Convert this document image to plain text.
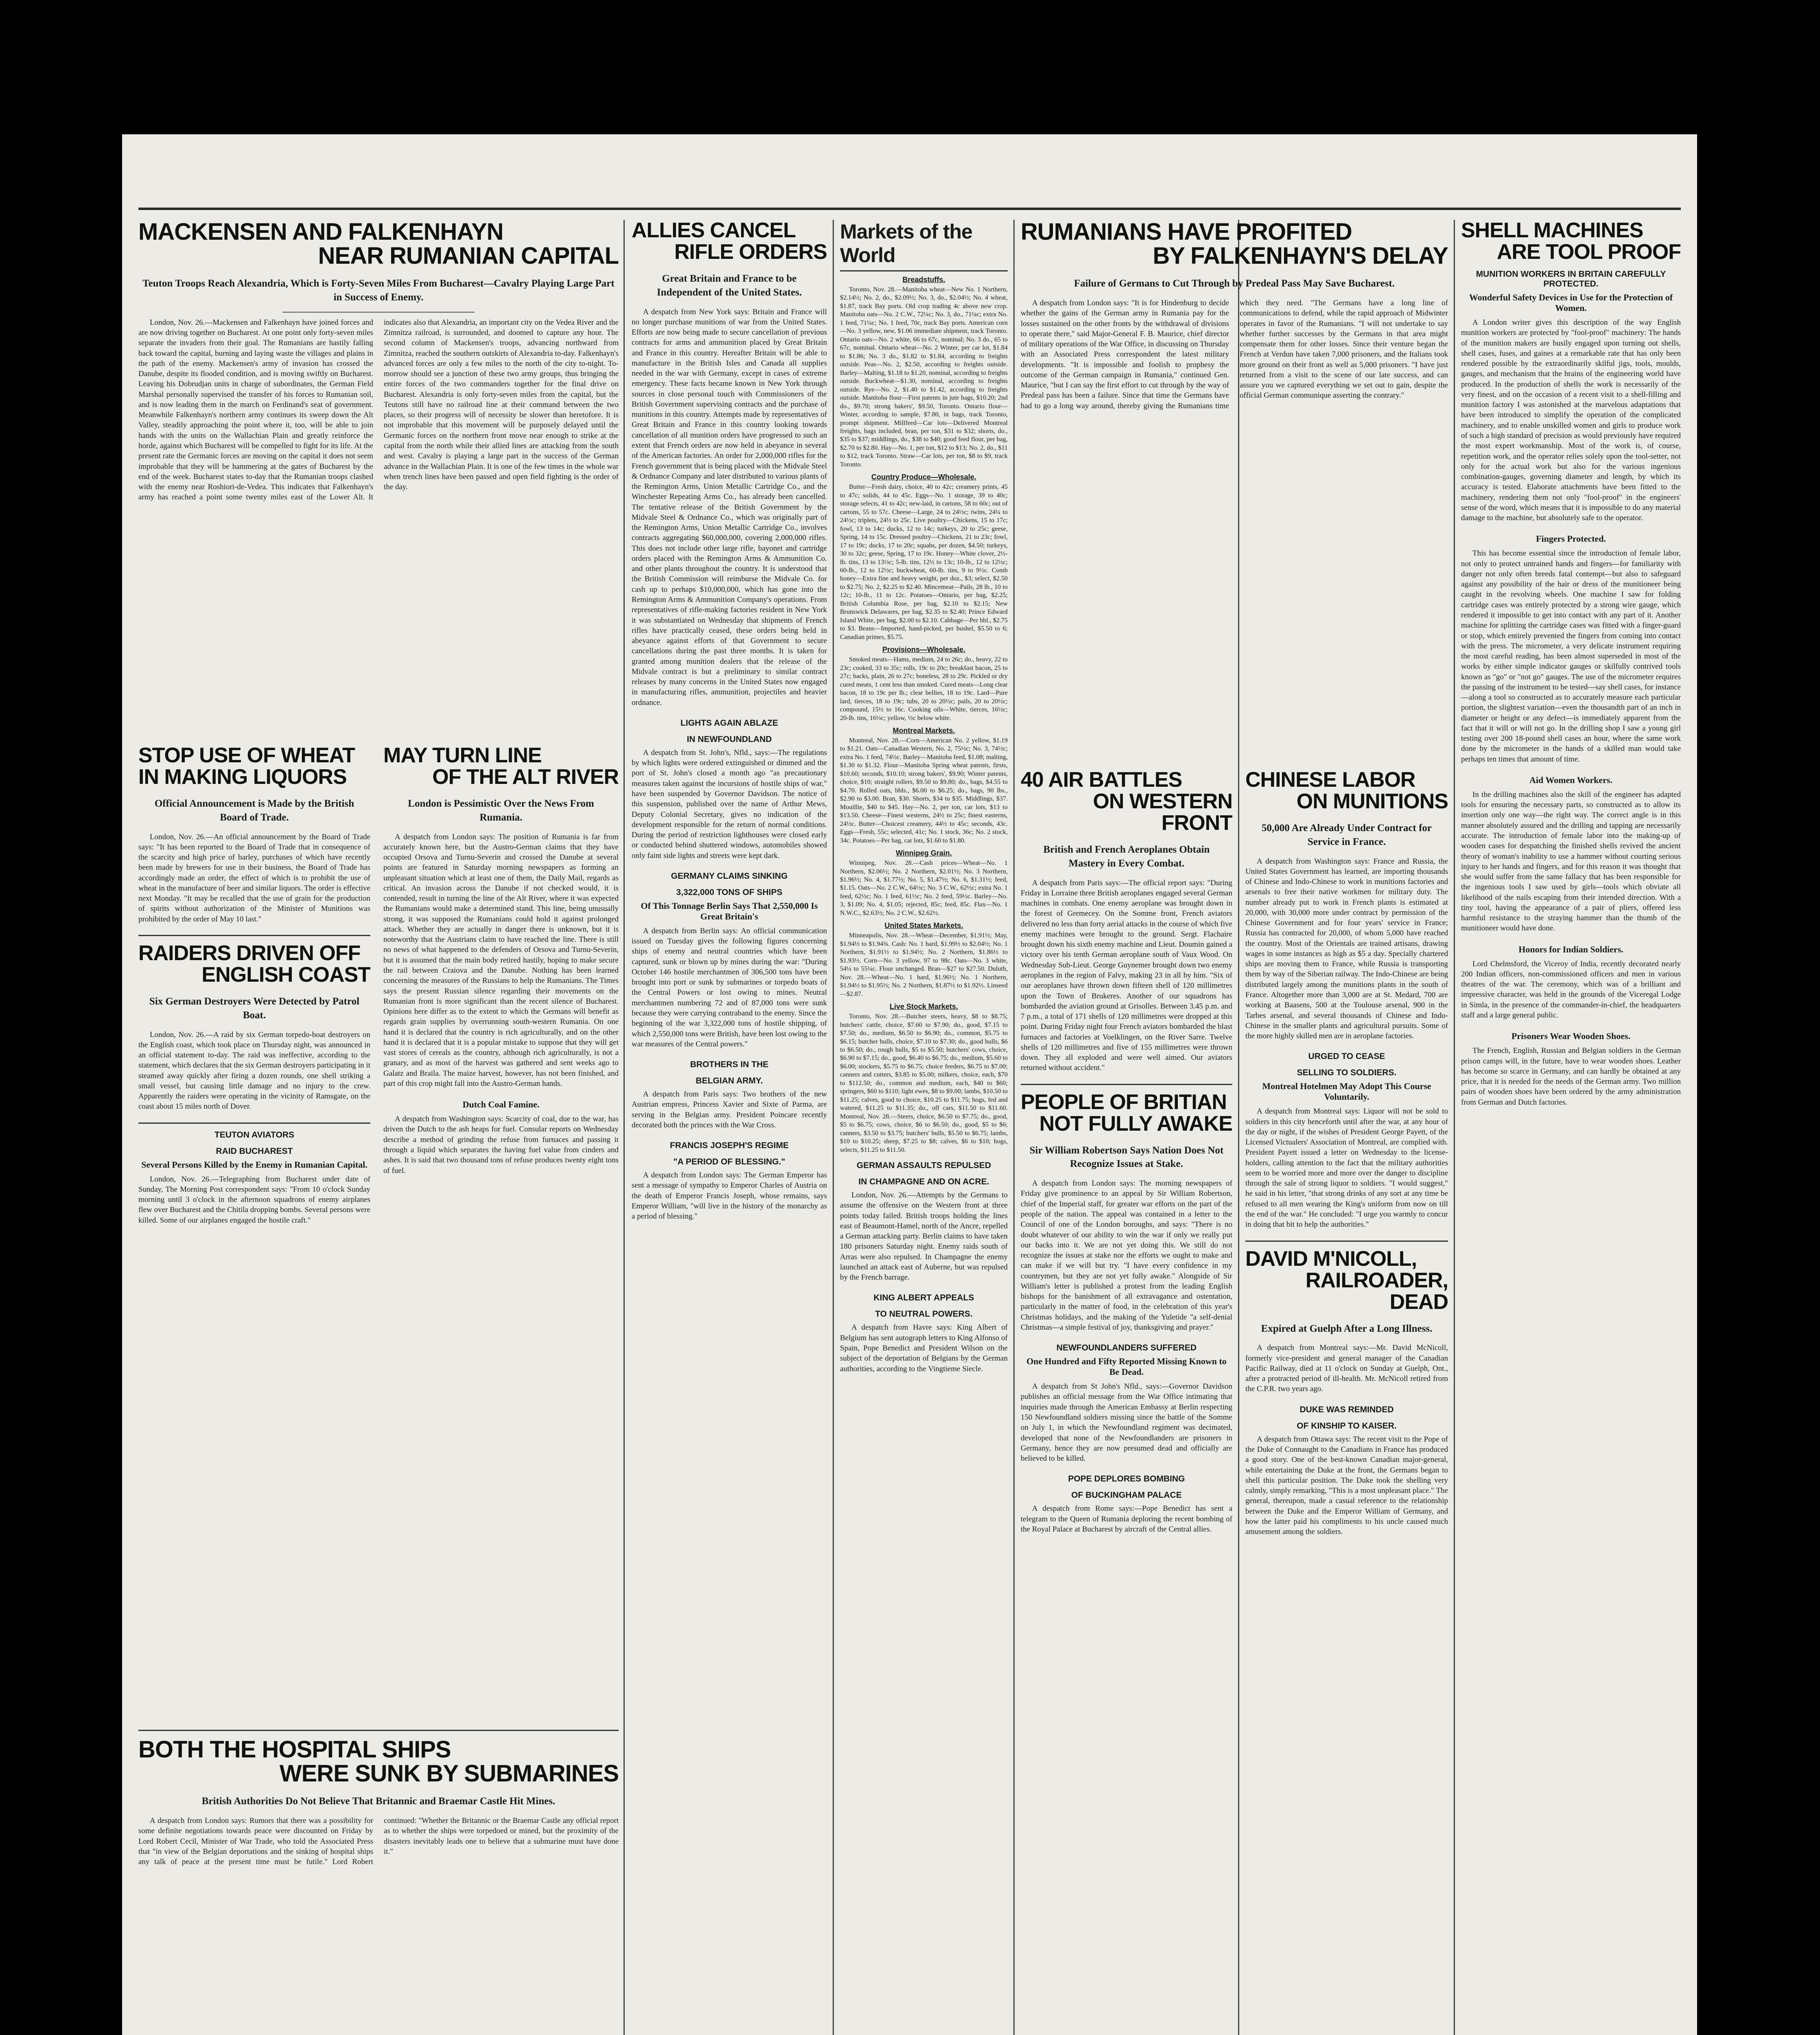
MACKENSEN AND FALKENHAYN
NEAR RUMANIAN CAPITAL
Teuton Troops Reach Alexandria, Which is Forty-Seven Miles From Bucharest—Cavalry Playing Large Part in Success of Enemy.
London, Nov. 26.—Mackensen and Falkenhayn have joined forces and are now driving together on Bucharest. At one point only forty-seven miles separate the invaders from their goal. The Rumanians are hastily falling back toward the capital, burning and laying waste the villages and plains in the path of the enemy. Mackensen's army of invasion has crossed the Danube, despite its flooded condition, and is moving swiftly on Bucharest. Leaving his Dobrudjan units in charge of subordinates, the German Field Marshal personally supervised the transfer of his forces to Rumanian soil, and is now leading them in the march on Ferdinand's seat of government. Meanwhile Falkenhayn's northern army continues its sweep down the Alt Valley, steadily approaching the point where it, too, will be able to join hands with the units on the Wallachian Plain and greatly reinforce the horde, against which Bucharest will be compelled to fight for its life. At the present rate the Germanic forces are moving on the capital it does not seem improbable that they will be hammering at the gates of Bucharest by the end of the week. Bucharest states to-day that the Rumanian troops clashed with the enemy near Roshiori-de-Vedea. This indicates that Falkenhayn's army has reached a point some twenty miles east of the Lower Alt. It indicates also that Alexandria, an important city on the Vedea River and the Zimnitza railroad, is surrounded, and doomed to capture any hour. The second column of Mackensen's troops, advancing northward from Zimnitza, reached the southern outskirts of Alexandria to-day. Falkenhayn's advanced forces are only a few miles to the north of the city to-night. To-morrow should see a junction of these two army groups, thus bringing the entire forces of the two commanders together for the final drive on Bucharest. Alexandria is only forty-seven miles from the capital, but the Teutons still have no railroad line at their command between the two places, so their progress will of necessity be slower than heretofore. It is not improbable that this movement will be purposely delayed until the Germanic forces on the northern front move near enough to strike at the capital from the north while their allied lines are attacking from the south and west. Cavalry is playing a large part in the success of the German advance in the Wallachian Plain. It is one of the few times in the whole war when trench lines have been passed and open field fighting is the order of the day.
STOP USE OF WHEAT
IN MAKING LIQUORS
Official Announcement is Made by the British Board of Trade.
London, Nov. 26.—An official announcement by the Board of Trade says: "It has been reported to the Board of Trade that in consequence of the scarcity and high price of barley, purchases of which have recently been made by brewers for use in their business, the Board of Trade has accordingly made an order, the effect of which is to prohibit the use of wheat in the manufacture of beer and similar liquors. The order is effective next Monday. "It may be recalled that the use of grain for the production of spirits without authorization of the Minister of Munitions was prohibited by the order of May 10 last."
RAIDERS DRIVEN OFF
ENGLISH COAST
Six German Destroyers Were Detected by Patrol Boat.
London, Nov. 26.—A raid by six German torpedo-boat destroyers on the English coast, which took place on Thursday night, was announced in an official statement to-day. The raid was ineffective, according to the statement, which declares that the six German destroyers participating in it steamed away quickly after firing a dozen rounds, one shell striking a small vessel, but causing little damage and no injury to the crew. Apparently the raiders were operating in the vicinity of Ramsgate, on the coast about 15 miles north of Dover.
TEUTON AVIATORS
RAID BUCHAREST
Several Persons Killed by the Enemy in Rumanian Capital.
London, Nov. 26.—Telegraphing from Bucharest under date of Sunday, The Morning Post correspondent says: "From 10 o'clock Sunday morning until 3 o'clock in the afternoon squadrons of enemy airplanes flew over Bucharest and the Chitila dropping bombs. Several persons were killed. Some of our airplanes engaged the hostile craft."
MAY TURN LINE
OF THE ALT RIVER
London is Pessimistic Over the News From Rumania.
A despatch from London says: The position of Rumania is far from accurately known here, but the Austro-German claims that they have occupied Orsova and Turnu-Severin and crossed the Danube at several points are featured in Saturday morning newspapers as forming an unpleasant situation which at least one of them, the Daily Mail, regards as critical. An invasion across the Danube if not checked would, it is contended, result in turning the line of the Alt River, where it was expected the Rumanians would make a determined stand. This line, being unusually strong, it was supposed the Rumanians could hold it against prolonged attack. Whether they are actually in danger there is unknown, but it is noteworthy that the Austrians claim to have reached the line. There is still no news of what happened to the defenders of Orsova and Turnu-Severin, but it is assumed that the main body retired hastily, hoping to make secure the rail between Craiova and the Danube. Nothing has been learned concerning the measures of the Russians to help the Rumanians. The Times says the present Russian silence regarding their movements on the Rumanian front is more significant than the recent silence of Bucharest. Opinions here differ as to the extent to which the Germans will benefit as regards grain supplies by overrunning south-western Rumania. On one hand it is declared that the country is rich agriculturally, and on the other hand it is declared that it is a popular mistake to suppose that they will get vast stores of cereals as the country, although rich agriculturally, is not a granary, and as most of the harvest was gathered and sent weeks ago to Galatz and Braila. The maize harvest, however, has not been finished, and part of this crop might fall into the Austro-German hands.
Dutch Coal Famine.
A despatch from Washington says: Scarcity of coal, due to the war, has driven the Dutch to the ash heaps for fuel. Consular reports on Wednesday describe a method of grinding the refuse from furnaces and passing it through a liquid which separates the having fuel value from cinders and ashes. It is said that two thousand tons of refuse produces twenty eight tons of fuel.
BOTH THE HOSPITAL SHIPS
WERE SUNK BY SUBMARINES
British Authorities Do Not Believe That Britannic and Braemar Castle Hit Mines.
A despatch from London says: Rumors that there was a possibility for some definite negotiations towards peace were discounted on Friday by Lord Robert Cecil, Minister of War Trade, who told the Associated Press that "in view of the Belgian deportations and the sinking of hospital ships any talk of peace at the present time must be futile." Lord Robert continued: "Whether the Britannic or the Braemar Castle any official report as to whether the ships were torpedoed or mined, but the proximity of the disasters inevitably leads one to believe that a submarine must have done it."
ALLIES CANCEL
RIFLE ORDERS
Great Britain and France to be Independent of the United States.
A despatch from New York says: Britain and France will no longer purchase munitions of war from the United States. Efforts are now being made to secure cancellation of previous contracts for arms and ammunition placed by Great Britain and France in this country. Hereafter Britain will be able to manufacture in the British Isles and Canada all supplies needed in the war with Germany, except in cases of extreme emergency. These facts became known in New York through sources in close personal touch with Commissioners of the British Government supervising contracts and the purchase of munitions in this country. Attempts made by representatives of Great Britain and France in this country looking towards cancellation of all munition orders have progressed to such an extent that French orders are now held in abeyance in several of the American factories. An order for 2,000,000 rifles for the French government that is being placed with the Midvale Steel & Ordnance Company and later distributed to various plants of the Remington Arms, Union Metallic Cartridge Co., and the Winchester Repeating Arms Co., has already been cancelled. The tentative release of the British Government by the Midvale Steel & Ordnance Co., which was originally part of the Remington Arms, Union Metallic Cartridge Co., involves contracts aggregating $60,000,000, covering 2,000,000 rifles. This does not include other large rifle, bayonet and cartridge orders placed with the Remington Arms & Ammunition Co. and other plants throughout the country. It is understood that the British Commission will reimburse the Midvale Co. for cash up to perhaps $10,000,000, which has gone into the Remington Arms & Ammunition Company's operations. From representatives of rifle-making factories resident in New York it was substantiated on Wednesday that shipments of French rifles have practically ceased, these orders being held in abeyance against efforts of that Government to secure cancellations during the past three months. It is taken for granted among munition dealers that the release of the Midvale contract is but a preliminary to similar contract releases by many concerns in the United States now engaged in manufacturing rifles, ammunition, projectiles and heavier ordnance.
LIGHTS AGAIN ABLAZE
IN NEWFOUNDLAND
A despatch from St. John's, Nfld., says:—The regulations by which lights were ordered extinguished or dimmed and the port of St. John's closed a month ago "as precautionary measures taken against the incursions of hostile ships of war," have been suspended by Governor Davidson. The notice of this suspension, published over the name of Arthur Mews, Deputy Colonial Secretary, gives no indication of the development responsible for the return of normal conditions. During the period of restriction lighthouses were closed early or conducted behind shuttered windows, automobiles showed only faint side lights and streets were kept dark.
GERMANY CLAIMS SINKING
3,322,000 TONS OF SHIPS
Of This Tonnage Berlin Says That 2,550,000 Is Great Britain's
A despatch from Berlin says: An official communication issued on Tuesday gives the following figures concerning ships of enemy and neutral countries which have been captured, sunk or blown up by mines during the war: "During October 146 hostile merchantmen of 306,500 tons have been brought into port or sunk by submarines or torpedo boats of the Central Powers or lost owing to mines. Neutral merchantmen numbering 72 and of 87,000 tons were sunk because they were carrying contraband to the enemy. Since the beginning of the war 3,322,000 tons of hostile shipping, of which 2,550,000 tons were British, have been lost owing to the war measures of the Central powers."
BROTHERS IN THE
BELGIAN ARMY.
A despatch from Paris says: Two brothers of the new Austrian empress, Princess Xavier and Sixte of Parma, are serving in the Belgian army. President Poincare recently decorated both the princes with the War Cross.
FRANCIS JOSEPH'S REGIME
"A PERIOD OF BLESSING."
A despatch from London says: The German Emperor has sent a message of sympathy to Emperor Charles of Austria on the death of Emperor Francis Joseph, whose remains, says Emperor William, "will live in the history of the monarchy as a period of blessing."
Markets of the World
Breadstuffs.
Toronto, Nov. 28.—Manitoba wheat—New No. 1 Northern, $2.14½; No. 2, do., $2.09½; No. 3, do., $2.04½; No. 4 wheat, $1.87, track Bay ports. Old crop trading 4c above new crop. Manitoba oats—No. 2 C.W., 72¼c; No. 3, do., 71¼c; extra No. 1 feed, 71¼c; No. 1 feed, 70c, track Bay ports. American corn—No. 3 yellow, new, $1.06 immediate shipment, track Toronto. Ontario oats—No. 2 white, 66 to 67c, nominal; No. 3 do., 65 to 67c, nominal. Ontario wheat—No. 2 Winter, per car lot, $1.84 to $1.86; No. 3 do., $1.82 to $1.84, according to freights outside. Peas—No. 2, $2.50, according to freights outside. Barley—Malting, $1.18 to $1.20, nominal, according to freights outside. Buckwheat—$1.30, nominal, according to freights outside. Rye—No. 2, $1.40 to $1.42, according to freights outside. Manitoba flour—First patents in jute bags, $10.20; 2nd do., $9.70; strong bakers', $9.50, Toronto. Ontario flour—Winter, according to sample, $7.80, in bags, track Toronto, prompt shipment. Millfeed—Car lots—Delivered Montreal freights, bags included, bran, per ton, $31 to $32; shorts, do., $35 to $37; middlings, do., $38 to $40; good feed flour, per bag, $2.70 to $2.80. Hay—No. 1, per ton, $12 to $13; No. 2, do., $11 to $12, track Toronto. Straw—Car lots, per ton, $8 to $9, track Toronto.
Country Produce—Wholesale.
Butter—Fresh dairy, choice, 40 to 42c; creamery prints, 45 to 47c; solids, 44 to 45c. Eggs—No. 1 storage, 39 to 40c; storage selects, 41 to 42c; new-laid, in cartons, 58 to 60c; out of cartons, 55 to 57c. Cheese—Large, 24 to 24½c; twins, 24¼ to 24½c; triplets, 24½ to 25c. Live poultry—Chickens, 15 to 17c; fowl, 13 to 14c; ducks, 12 to 14c; turkeys, 20 to 25c; geese, Spring, 14 to 15c. Dressed poultry—Chickens, 21 to 23c; fowl, 17 to 19c; ducks, 17 to 20c; squabs, per dozen, $4.50; turkeys, 30 to 32c; geese, Spring, 17 to 19c. Honey—White clover, 2½-lb. tins, 13 to 13½c; 5-lb. tins, 12½ to 13c; 10-lb., 12 to 12½c; 60-lb., 12 to 12½c; buckwheat, 60-lb. tins, 9 to 9½c. Comb honey—Extra fine and heavy weight, per doz., $3; select, $2.50 to $2.75; No. 2, $2.25 to $2.40. Mincemeat—Pails, 28 lb., 10 to 12c; 10-lb., 11 to 12c. Potatoes—Ontario, per bag, $2.25; British Columbia Rose, per bag, $2.10 to $2.15; New Brunswick Delawares, per bag, $2.35 to $2.40; Prince Edward Island White, per bag, $2.00 to $2.10. Cabbage—Per bbl., $2.75 to $3. Beans—Imported, hand-picked, per bushel, $5.50 to 6; Canadian primes, $5.75.
Provisions—Wholesale.
Smoked meats—Hams, medium, 24 to 26c; do., heavy, 22 to 23c; cooked, 33 to 35c; rolls, 19c to 20c; breakfast bacon, 25 to 27c; backs, plain, 26 to 27c; boneless, 28 to 29c. Pickled or dry cured meats, 1 cent less than smoked. Cured meats—Long clear bacon, 18 to 19c per lb.; clear bellies, 18 to 19c. Lard—Pure lard, tierces, 18 to 19c; tubs, 20 to 20½c; pails, 20 to 20½c; compound, 15½ to 16c. Cooking oils—White, tierces, 16½c; 20-lb. tins, 16½c; yellow, ½c below white.
Montreal Markets.
Montreal, Nov. 28.—Corn—American No. 2 yellow, $1.19 to $1.21. Oats—Canadian Western, No. 2, 75½c; No. 3, 74½c; extra No. 1 feed, 74½c. Barley—Manitoba feed, $1.08; malting, $1.30 to $1.32. Flour—Manitoba Spring wheat patents, firsts, $10.60; seconds, $10.10; strong bakers', $9.90; Winter patents, choice, $10; straight rollers, $9.50 to $9.80; do., bags, $4.55 to $4.70. Rolled oats, bbls., $6.00 to $6.25; do., bags, 90 lbs., $2.90 to $3.00. Bran, $30. Shorts, $34 to $35. Middlings, $37. Mouillie, $40 to $45. Hay—No. 2, per ton, car lots, $13 to $13.50. Cheese—Finest westerns, 24½ to 25c; finest easterns, 24½c. Butter—Choicest creamery, 44½ to 45c; seconds, 43c. Eggs—Fresh, 55c; selected, 41c; No. 1 stock, 36c; No. 2 stock, 34c. Potatoes—Per bag, car lots, $1.60 to $1.80.
Winnipeg Grain.
Winnipeg, Nov. 28.—Cash prices—Wheat—No. 1 Northern, $2.06½; No. 2 Northern, $2.01½; No. 3 Northern, $1.96½; No. 4, $1.77½; No. 5, $1.47½; No. 6, $1.31½; feed, $1.15. Oats—No. 2 C.W., 64½c; No. 3 C.W., 62½c; extra No. 1 feed, 62½c; No. 1 feed, 61½c; No. 2 feed, 59½c. Barley—No. 3, $1.09; No. 4, $1.05; rejected, 85c; feed, 85c. Flax—No. 1 N.W.C., $2.63½; No. 2 C.W., $2.62½.
United States Markets.
Minneapolis, Nov. 28.—Wheat—December, $1.91½; May, $1.94½ to $1.94¾. Cash: No. 1 hard, $1.99½ to $2.04½; No. 1 Northern, $1.91½ to $1.94½; No. 2 Northern, $1.86½ to $1.93½. Corn—No. 3 yellow, 97 to 98c. Oats—No. 3 white, 54¼ to 55¼c. Flour unchanged. Bran—$27 to $27.50. Duluth, Nov. 28.—Wheat—No. 1 hard, $1.96½; No. 1 Northern, $1.94½ to $1.95½; No. 2 Northern, $1.87½ to $1.92½. Linseed—$2.87.
Live Stock Markets.
Toronto, Nov. 28.—Butcher steers, heavy, $8 to $8.75; butchers' cattle, choice, $7.60 to $7.90; do., good, $7.15 to $7.50; do., medium, $6.50 to $6.90; do., common, $5.75 to $6.15; butcher bulls, choice, $7.10 to $7.30; do., good bulls, $6 to $6.50; do., rough bulls, $5 to $5.50; butchers' cows, choice, $6.90 to $7.15; do., good, $6.40 to $6.75; do., medium, $5.60 to $6.00; stockers, $5.75 to $6.75; choice feeders, $6.75 to $7.00; canners and cutters, $3.85 to $5.00; milkers, choice, each, $70 to $112.50; do., common and medium, each, $40 to $60; springers, $60 to $110; light ewes, $8 to $9.00; lambs, $10.50 to $11.25; calves, good to choice, $10.25 to $11.75; hogs, fed and watered, $11.25 to $11.35; do., off cars, $11.50 to $11.60. Montreal, Nov. 28.—Steers, choice, $6.50 to $7.75; do., good, $5 to $6.75; cows, choice, $6 to $6.50; do., good, $5 to $6; canners, $3.50 to $3.75; butchers' bulls, $5.50 to $6.75; lambs, $10 to $10.25; sheep, $7.25 to $8; calves, $6 to $10; hogs, selects, $11.25 to $11.50.
GERMAN ASSAULTS REPULSED
IN CHAMPAGNE AND ON ACRE.
London, Nov. 26.—Attempts by the Germans to assume the offensive on the Western front at three points today failed. British troops holding the lines east of Beaumont-Hamel, north of the Ancre, repelled a German attacking party. Berlin claims to have taken 180 prisoners Saturday night. Enemy raids south of Arras were also repulsed. In Champagne the enemy launched an attack east of Auberne, but was repulsed by the French barrage.
KING ALBERT APPEALS
TO NEUTRAL POWERS.
A despatch from Havre says: King Albert of Belgium has sent autograph letters to King Alfonso of Spain, Pope Benedict and President Wilson on the subject of the deportation of Belgians by the German authorities, according to the Vingtieme Siecle.
RUMANIANS HAVE PROFITED
BY FALKENHAYN'S DELAY
Failure of Germans to Cut Through by Predeal Pass May Save Bucharest.
A despatch from London says: "It is for Hindenburg to decide whether the gains of the German army in Rumania pay for the losses sustained on the other fronts by the withdrawal of divisions to operate there," said Major-General F. B. Maurice, chief director of military operations of the War Office, in discussing on Thursday with an Associated Press correspondent the latest military developments. "It is impossible and foolish to prophesy the outcome of the German campaign in Rumania," continued Gen. Maurice, "but I can say the first effort to cut through by the way of Predeal pass has been a failure. Since that time the Germans have had to go a long way around, thereby giving the Rumanians time which they need. "The Germans have a long line of communications to defend, while the rapid approach of Midwinter operates in favor of the Rumanians. "I will not undertake to say whether further successes by the Germans in that area might compensate them for other losses. Since their venture began the French at Verdun have taken 7,000 prisoners, and the Italians took more ground on their front as well as 5,000 prisoners. "I have just returned from a visit to the scene of our late success, and can assure you we captured everything we set out to gain, despite the official German communique asserting the contrary."
40 AIR BATTLES
ON WESTERN FRONT
British and French Aeroplanes Obtain Mastery in Every Combat.
A despatch from Paris says:—The official report says: "During Friday in Lorraine three British aeroplanes engaged several German machines in combats. One enemy aeroplane was brought down in the forest of Gremecey. On the Somme front, French aviators delivered no less than forty aerial attacks in the course of which five enemy machines were brought to the ground. Sergt. Flachaire brought down his sixth enemy machine and Lieut. Doumin gained a victory over his tenth German aeroplane south of Vaux Wood. On Wednesday Sub-Lieut. George Guynemer brought down two enemy aeroplanes in the region of Falvy, making 23 in all by him. "Six of our aeroplanes have thrown down fifteen shell of 120 millimetres upon the Town of Brukeres. Another of our squadrons has bombarded the aviation ground at Grisolles. Between 3.45 p.m. and 7 p.m., a total of 171 shells of 120 millimetres were dropped at this point. During Friday night four French aviators bombarded the blast furnaces and factories at Voelklingen, on the River Sarre. Twelve shells of 120 millimetres and five of 155 millimetres were thrown down. They all exploded and were well aimed. Our aviators returned without accident."
PEOPLE OF BRITIAN
NOT FULLY AWAKE
Sir William Robertson Says Nation Does Not Recognize Issues at Stake.
A despatch from London says: The morning newspapers of Friday give prominence to an appeal by Sir William Robertson, chief of the Imperial staff, for greater war efforts on the part of the people of the nation. The appeal was contained in a letter to the Council of one of the London boroughs, and says: "There is no doubt whatever of our ability to win the war if only we really put our backs into it. We are not yet doing this. We still do not recognize the issues at stake nor the efforts we ought to make and can make if we will but try. "I have every confidence in my countrymen, but they are not yet fully awake." Alongside of Sir William's letter is published a protest from the leading English bishops for the banishment of all extravagance and ostentation, particularly in the matter of food, in the celebration of this year's Christmas holidays, and the making of the Yuletide "a self-denial Christmas—a simple festival of joy, thanksgiving and prayer."
NEWFOUNDLANDERS SUFFERED
One Hundred and Fifty Reported Missing Known to Be Dead.
A despatch from St John's Nfld., says:—Governor Davidson publishes an official message from the War Office intimating that inquiries made through the American Embassy at Berlin respecting 150 Newfoundland soldiers missing since the battle of the Somme on July 1, in which the Newfoundland regiment was decimated, developed that none of the Newfoundlanders are prisoners in Germany, hence they are now presumed dead and officially are believed to be killed.
POPE DEPLORES BOMBING
OF BUCKINGHAM PALACE
A despatch from Rome says:—Pope Benedict has sent a telegram to the Queen of Rumania deploring the recent bombing of the Royal Palace at Bucharest by aircraft of the Central allies.
CHINESE LABOR
ON MUNITIONS
50,000 Are Already Under Contract for Service in France.
A despatch from Washington says: France and Russia, the United States Government has learned, are importing thousands of Chinese and Indo-Chinese to work in munitions factories and arsenals to free their native workmen for military duty. The number already put to work in French plants is estimated at 20,000, with 30,000 more under contract by permission of the Chinese Government and for four years' service in France; Russia has contracted for 20,000, of whom 5,000 have reached the country. Most of the Orientals are trained artisans, drawing wages in some instances as high as $5 a day. Specially chartered ships are moving them to France, while Russia is transporting them by way of the Siberian railway. The Indo-Chinese are being distributed largely among the munitions plants in the south of France. Altogether more than 3,000 are at St. Medard, 700 are working at Baasens, 500 at the Toulouse arsenal, 900 in the Tarbes arsenal, and several thousands of Chinese and Indo-Chinese in the smaller plants and agricultural pursuits. Some of the more highly skilled men are in aeroplane factories.
URGED TO CEASE
SELLING TO SOLDIERS.
Montreal Hotelmen May Adopt This Course Voluntarily.
A despatch from Montreal says: Liquor will not be sold to soldiers in this city henceforth until after the war, at any hour of the day or night, if the wishes of President George Payett, of the Licensed Victualers' Association of Montreal, are complied with. President Payett issued a letter on Wednesday to the license-holders, calling attention to the fact that the military authorities seem to be worried more and more over the danger to discipline through the sale of strong liquor to soldiers. "I would suggest," he said in his letter, "that strong drinks of any sort at any time be refused to all men wearing the King's uniform from now on till the end of the war." He concluded: "I urge you warmly to concur in doing that bit to help the authorities."
DAVID M'NICOLL,
RAILROADER, DEAD
Expired at Guelph After a Long Illness.
A despatch from Montreal says:—Mr. David McNicoll, formerly vice-president and general manager of the Canadian Pacific Railway, died at 11 o'clock on Sunday at Guelph, Ont., after a protracted period of ill-health. Mr. McNicoll retired from the C.P.R. two years ago.
DUKE WAS REMINDED
OF KINSHIP TO KAISER.
A despatch from Ottawa says: The recent visit to the Pope of the Duke of Connaught to the Canadians in France has produced a good story. One of the best-known Canadian major-general, while entertaining the Duke at the front, the Germans began to shell this particular position. The Duke took the shelling very calmly, simply remarking, "This is a most unpleasant place." The general, thereupon, made a casual reference to the relationship between the Duke and the Emperor William of Germany, and how the latter paid his compliments to his uncle caused much amusement among the soldiers.
SHELL MACHINES
ARE TOOL PROOF
MUNITION WORKERS IN BRITAIN CAREFULLY PROTECTED.
Wonderful Safety Devices in Use for the Protection of Women.
A London writer gives this description of the way English munition workers are protected by "fool-proof" machinery: The hands of the munition makers are busily engaged upon turning out shells, shell cases, fuses, and gaines at a remarkable rate that has only been rendered possible by the extraordinarily skilful jigs, tools, moulds, gauges, and mechanism that the brains of the engineering world have produced. In the production of shells the work is necessarily of the very finest, and on the occasion of a recent visit to a shell-filling and munition factory I was astonished at the marvelous adaptations that have been introduced to simplify the operation of the complicated machinery, and to enable unskilled women and girls to produce work of such a high standard of precision as would previously have required the most expert workmanship. Most of the work is, of course, repetition work, and the operator relies solely upon the tool-setter, not only for the actual work but also for the various ingenious combination-gauges, governing diameter and length, by which its accuracy is tested. Elaborate attachments have been fitted to the machinery, rendering them not only "fool-proof" in the engineers' sense of the word, which means that it is impossible to do any material damage to the machine, but absolutely safe to the operator.
Fingers Protected.
This has become essential since the introduction of female labor, not only to protect untrained hands and fingers—for familiarity with danger not only often breeds fatal contempt—but also to safeguard against any possibility of the hair or dress of the munitioneer being caught in the revolving wheels. One machine I saw for folding cartridge cases was entirely protected by a strong wire gauge, which rendered it impossible to get into contact with any part of it. Another machine for splitting the cartridge cases was fitted with a finger-guard or stop, which entirely prevented the fingers from coming into contact with the press. The micrometer, a very delicate instrument requiring the most careful reading, has been almost superseded in most of the works by either simple indicator gauges or skilfully contrived tools known as "go" or "not go" gauges. The use of the micrometer requires the passing of the instrument to be tested—say shell cases, for instance—along a tool so constructed as to accurately measure each particular portion, the slightest variation—even the thousandth part of an inch in diameter or height or any defect—is immediately apparent from the fact that it will or will not go. In the drilling shop I saw a young girl testing over 200 18-pound shell cases an hour, where the same work done by the micrometer in the hands of a skilled man would take perhaps ten times that amount of time.
Aid Women Workers.
In the drilling machines also the skill of the engineer has adapted tools for ensuring the necessary parts, so constructed as to allow its insertion only one way—the right way. The correct angle is in this manner absolutely assured and the drilling and tapping are necessarily accurate. The introduction of female labor into the making-up of wooden cases for despatching the finished shells revived the ancient theory of woman's inability to use a hammer without courting serious injury to her hands and fingers, and for this reason it was thought that she would suffer from the same fallacy that has been responsible for the ingenious tools I saw used by girls—tools which obviate all likelihood of the nails escaping from their intended direction. With a tiny tool, having the appearance of a pair of pliers, offered less harmful resistance to the straying hammer than the thumb of the munitioneer would have done.
Honors for Indian Soldiers.
Lord Chelmsford, the Viceroy of India, recently decorated nearly 200 Indian officers, non-commissioned officers and men in various theatres of the war. The ceremony, which was of a brilliant and impressive character, was held in the grounds of the Viceregal Lodge in Simla, in the presence of the commander-in-chief, the headquarters staff and a large general public.
Prisoners Wear Wooden Shoes.
The French, English, Russian and Belgian soldiers in the German prison camps will, in the future, have to wear wooden shoes. Leather has become so scarce in Germany, and can hardly be obtained at any price, that it is needed for the needs of the German army. Two million pairs of wooden shoes have been ordered by the army administration from German and Dutch factories.
